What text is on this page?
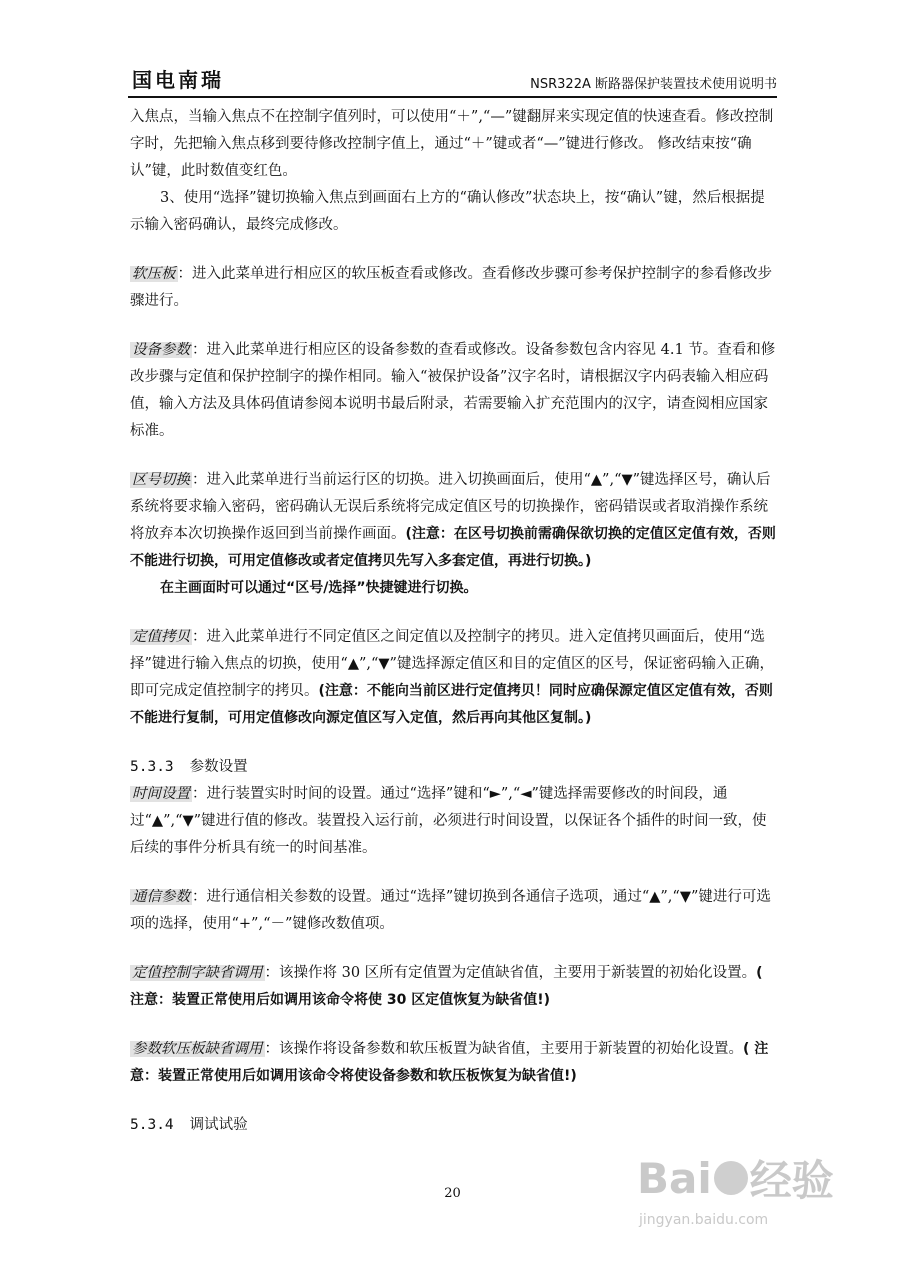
国电南瑞	NSR322A 断路器保护装置技术使用说明书

入焦点，当输入焦点不在控制字值列时，可以使用“＋”,“—”键翻屏来实现定值的快速查看。修改控制字时，先把输入焦点移到要待修改控制字值上，通过“＋”键或者“—”键进行修改。 修改结束按“确认”键，此时数值变红色。

3、使用“选择”键切换输入焦点到画面右上方的“确认修改”状态块上，按“确认”键，然后根据提示输入密码确认，最终完成修改。

软压板 ：进入此菜单进行相应区的软压板查看或修改。查看修改步骤可参考保护控制字的参看修改步骤进行。

设备参数 ：进入此菜单进行相应区的设备参数的查看或修改。设备参数包含内容见 4.1 节。查看和修改步骤与定值和保护控制字的操作相同。输入“被保护设备”汉字名时，请根据汉字内码表输入相应码值，输入方法及具体码值请参阅本说明书最后附录，若需要输入扩充范围内的汉字，请查阅相应国家标准。

区号切换 ：进入此菜单进行当前运行区的切换。进入切换画面后，使用“▲”,“▼”键选择区号，确认后系统将要求输入密码，密码确认无误后系统将完成定值区号的切换操作，密码错误或者取消操作系统将放弃本次切换操作返回到当前操作画面。(注意：在区号切换前需确保欲切换的定值区定值有效，否则不能进行切换，可用定值修改或者定值拷贝先写入多套定值，再进行切换。)

在主画面时可以通过“区号/选择”快捷键进行切换。

定值拷贝 ：进入此菜单进行不同定值区之间定值以及控制字的拷贝。进入定值拷贝画面后，使用“选择”键进行输入焦点的切换，使用“▲”,“▼”键选择源定值区和目的定值区的区号，保证密码输入正确，即可完成定值控制字的拷贝。(注意：不能向当前区进行定值拷贝！同时应确保源定值区定值有效，否则不能进行复制，可用定值修改向源定值区写入定值，然后再向其他区复制。)

5.3.3 参数设置

时间设置 ：进行装置实时时间的设置。通过“选择”键和“►”,“◄”键选择需要修改的时间段，通过“▲”,“▼”键进行值的修改。装置投入运行前，必须进行时间设置，以保证各个插件的时间一致，使后续的事件分析具有统一的时间基准。

通信参数 ：进行通信相关参数的设置。通过“选择”键切换到各通信子选项，通过“▲”,“▼”键进行可选项的选择，使用“+”,“－”键修改数值项。

定值控制字缺省调用 ：该操作将 30 区所有定值置为定值缺省值，主要用于新装置的初始化设置。( 注意：装置正常使用后如调用该命令将使 30 区定值恢复为缺省值!)

参数软压板缺省调用 ：该操作将设备参数和软压板置为缺省值，主要用于新装置的初始化设置。( 注意：装置正常使用后如调用该命令将使设备参数和软压板恢复为缺省值!)

5.3.4 调试试验

20	Bai 经验
jingyan.baidu.com
